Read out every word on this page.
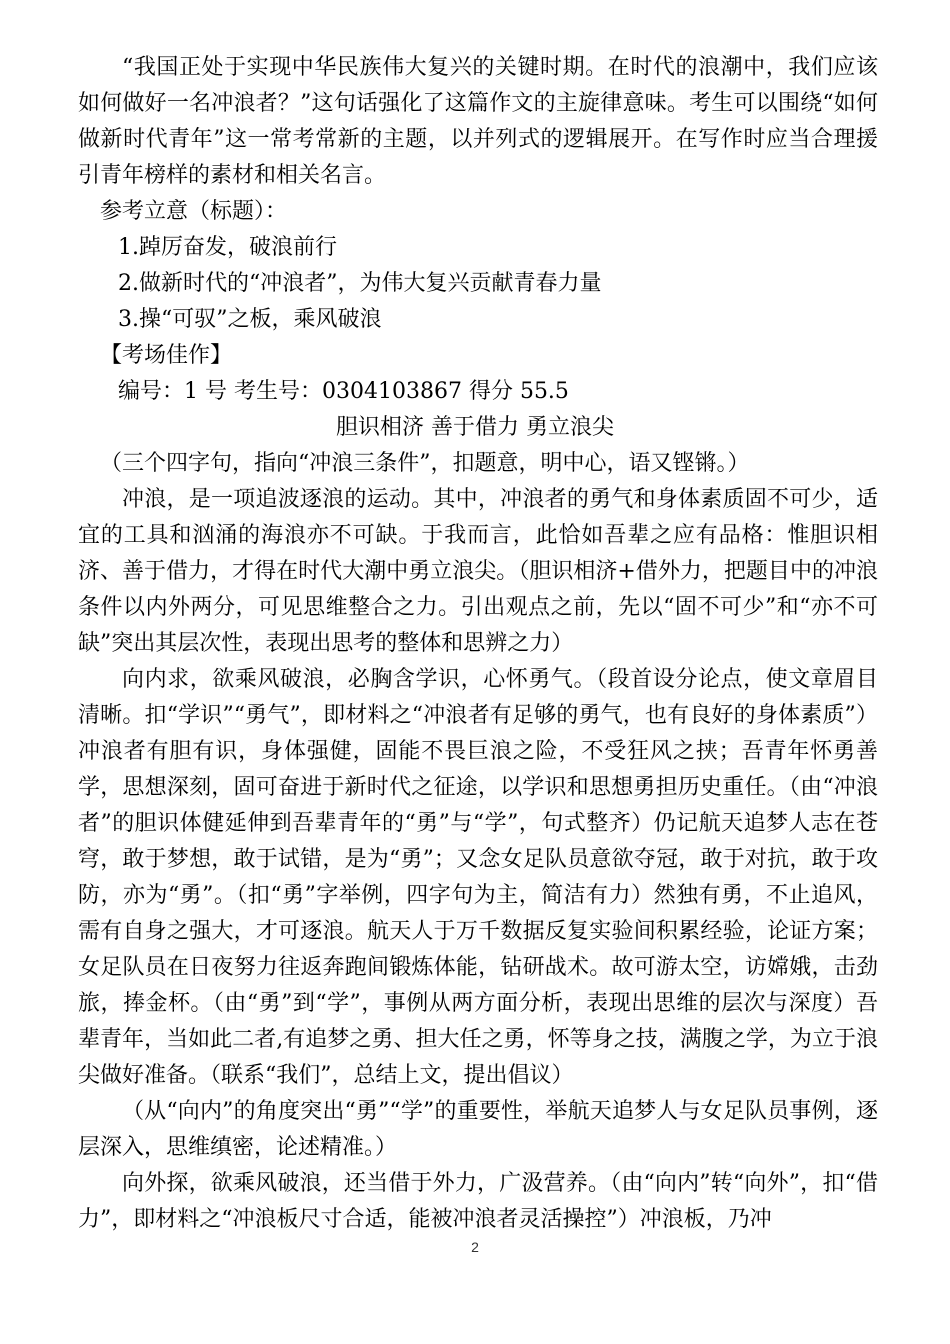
“我国正处于实现中华民族伟大复兴的关键时期。在时代的浪潮中，我们应该如何做好一名冲浪者？”这句话强化了这篇作文的主旋律意味。考生可以围绕“如何做新时代青年”这一常考常新的主题，以并列式的逻辑展开。在写作时应当合理援引青年榜样的素材和相关名言。

参考立意（标题）：

1.踔厉奋发，破浪前行

2.做新时代的“冲浪者”，为伟大复兴贡献青春力量

3.操“可驭”之板，乘风破浪

【考场佳作】

编号：1 号 考生号：0304103867 得分 55.5

胆识相济 善于借力 勇立浪尖

（三个四字句，指向“冲浪三条件”，扣题意，明中心，语又铿锵。）

冲浪，是一项追波逐浪的运动。其中，冲浪者的勇气和身体素质固不可少，适宜的工具和汹涌的海浪亦不可缺。于我而言，此恰如吾辈之应有品格：惟胆识相济、善于借力，才得在时代大潮中勇立浪尖。（胆识相济+借外力，把题目中的冲浪条件以内外两分，可见思维整合之力。引出观点之前，先以“固不可少”和“亦不可缺”突出其层次性，表现出思考的整体和思辨之力）

向内求，欲乘风破浪，必胸含学识，心怀勇气。（段首设分论点，使文章眉目清晰。扣“学识”“勇气”，即材料之“冲浪者有足够的勇气，也有良好的身体素质”）冲浪者有胆有识，身体强健，固能不畏巨浪之险，不受狂风之挟；吾青年怀勇善学，思想深刻，固可奋进于新时代之征途，以学识和思想勇担历史重任。（由“冲浪者”的胆识体健延伸到吾辈青年的“勇”与“学”，句式整齐）仍记航天追梦人志在苍穹，敢于梦想，敢于试错，是为“勇”；又念女足队员意欲夺冠，敢于对抗，敢于攻防，亦为“勇”。（扣“勇”字举例，四字句为主，简洁有力）然独有勇，不止追风，需有自身之强大，才可逐浪。航天人于万千数据反复实验间积累经验，论证方案；女足队员在日夜努力往返奔跑间锻炼体能，钻研战术。故可游太空，访嫦娥，击劲旅，捧金杯。（由“勇”到“学”，事例从两方面分析，表现出思维的层次与深度）吾辈青年，当如此二者,有追梦之勇、担大任之勇，怀等身之技，满腹之学，为立于浪尖做好准备。（联系“我们”，总结上文，提出倡议）

（从“向内”的角度突出“勇”“学”的重要性，举航天追梦人与女足队员事例，逐层深入，思维缜密，论述精准。）

向外探，欲乘风破浪，还当借于外力，广汲营养。（由“向内”转“向外”，扣“借力”，即材料之“冲浪板尺寸合适，能被冲浪者灵活操控”）冲浪板，乃冲

2
